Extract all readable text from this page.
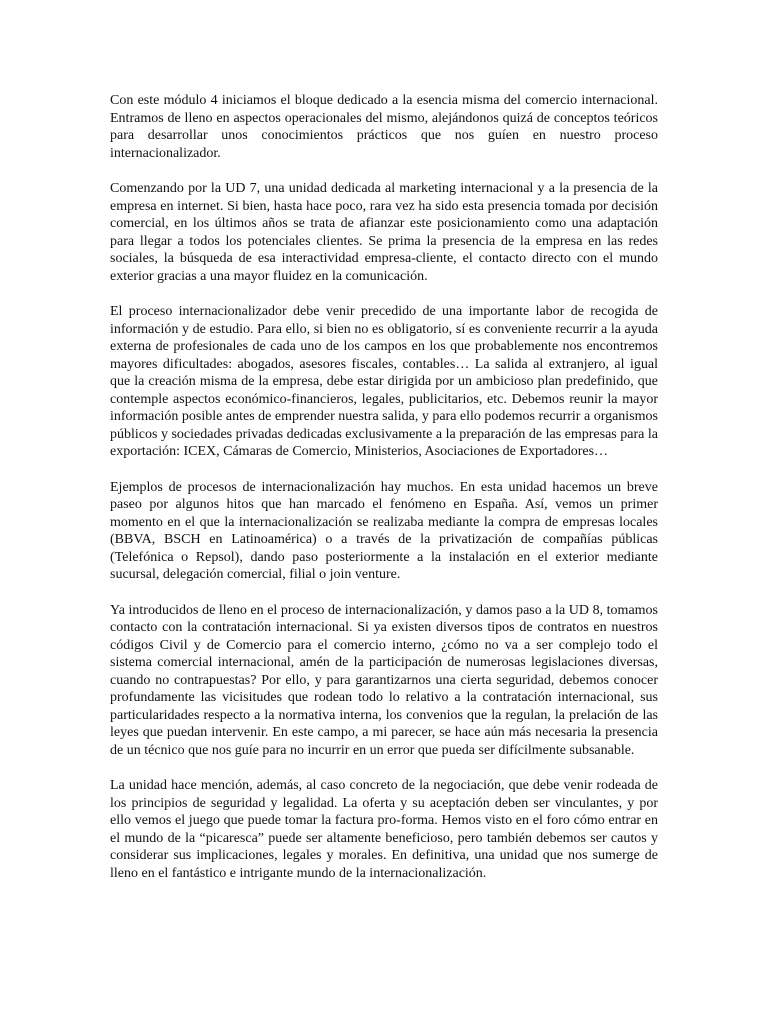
Con este módulo 4 iniciamos el bloque dedicado a la esencia misma del comercio internacional. Entramos de lleno en aspectos operacionales del mismo, alejándonos quizá de conceptos teóricos para desarrollar unos conocimientos prácticos que nos guíen en nuestro proceso internacionalizador.

Comenzando por la UD 7, una unidad dedicada al marketing internacional y a la presencia de la empresa en internet. Si bien, hasta hace poco, rara vez ha sido esta presencia tomada por decisión comercial, en los últimos años se trata de afianzar este posicionamiento como una adaptación para llegar a todos los potenciales clientes. Se prima la presencia de la empresa en las redes sociales, la búsqueda de esa interactividad empresa-cliente, el contacto directo con el mundo exterior gracias a una mayor fluidez en la comunicación.

El proceso internacionalizador debe venir precedido de una importante labor de recogida de información y de estudio. Para ello, si bien no es obligatorio, sí es conveniente recurrir a la ayuda externa de profesionales de cada uno de los campos en los que probablemente nos encontremos mayores dificultades: abogados, asesores fiscales, contables… La salida al extranjero, al igual que la creación misma de la empresa, debe estar dirigida por un ambicioso plan predefinido, que contemple aspectos económico-financieros, legales, publicitarios, etc. Debemos reunir la mayor información posible antes de emprender nuestra salida, y para ello podemos recurrir a organismos públicos y sociedades privadas dedicadas exclusivamente a la preparación de las empresas para la exportación: ICEX, Cámaras de Comercio, Ministerios, Asociaciones de Exportadores…

Ejemplos de procesos de internacionalización hay muchos. En esta unidad hacemos un breve paseo por algunos hitos que han marcado el fenómeno en España. Así, vemos un primer momento en el que la internacionalización se realizaba mediante la compra de empresas locales (BBVA, BSCH en Latinoamérica) o a través de la privatización de compañías públicas (Telefónica o Repsol), dando paso posteriormente a la instalación en el exterior mediante sucursal, delegación comercial, filial o join venture.

Ya introducidos de lleno en el proceso de internacionalización, y damos paso a la UD 8, tomamos contacto con la contratación internacional. Si ya existen diversos tipos de contratos en nuestros códigos Civil y de Comercio para el comercio interno, ¿cómo no va a ser complejo todo el sistema comercial internacional, amén de la participación de numerosas legislaciones diversas, cuando no contrapuestas? Por ello, y para garantizarnos una cierta seguridad, debemos conocer profundamente las vicisitudes que rodean todo lo relativo a la contratación internacional, sus particularidades respecto a la normativa interna, los convenios que la regulan, la prelación de las leyes que puedan intervenir. En este campo, a mi parecer, se hace aún más necesaria la presencia de un técnico que nos guíe para no incurrir en un error que pueda ser difícilmente subsanable.

La unidad hace mención, además, al caso concreto de la negociación, que debe venir rodeada de los principios de seguridad y legalidad. La oferta y su aceptación deben ser vinculantes, y por ello vemos el juego que puede tomar la factura pro-forma. Hemos visto en el foro cómo entrar en el mundo de la “picaresca” puede ser altamente beneficioso, pero también debemos ser cautos y considerar sus implicaciones, legales y morales. En definitiva, una unidad que nos sumerge de lleno en el fantástico e intrigante mundo de la internacionalización.
